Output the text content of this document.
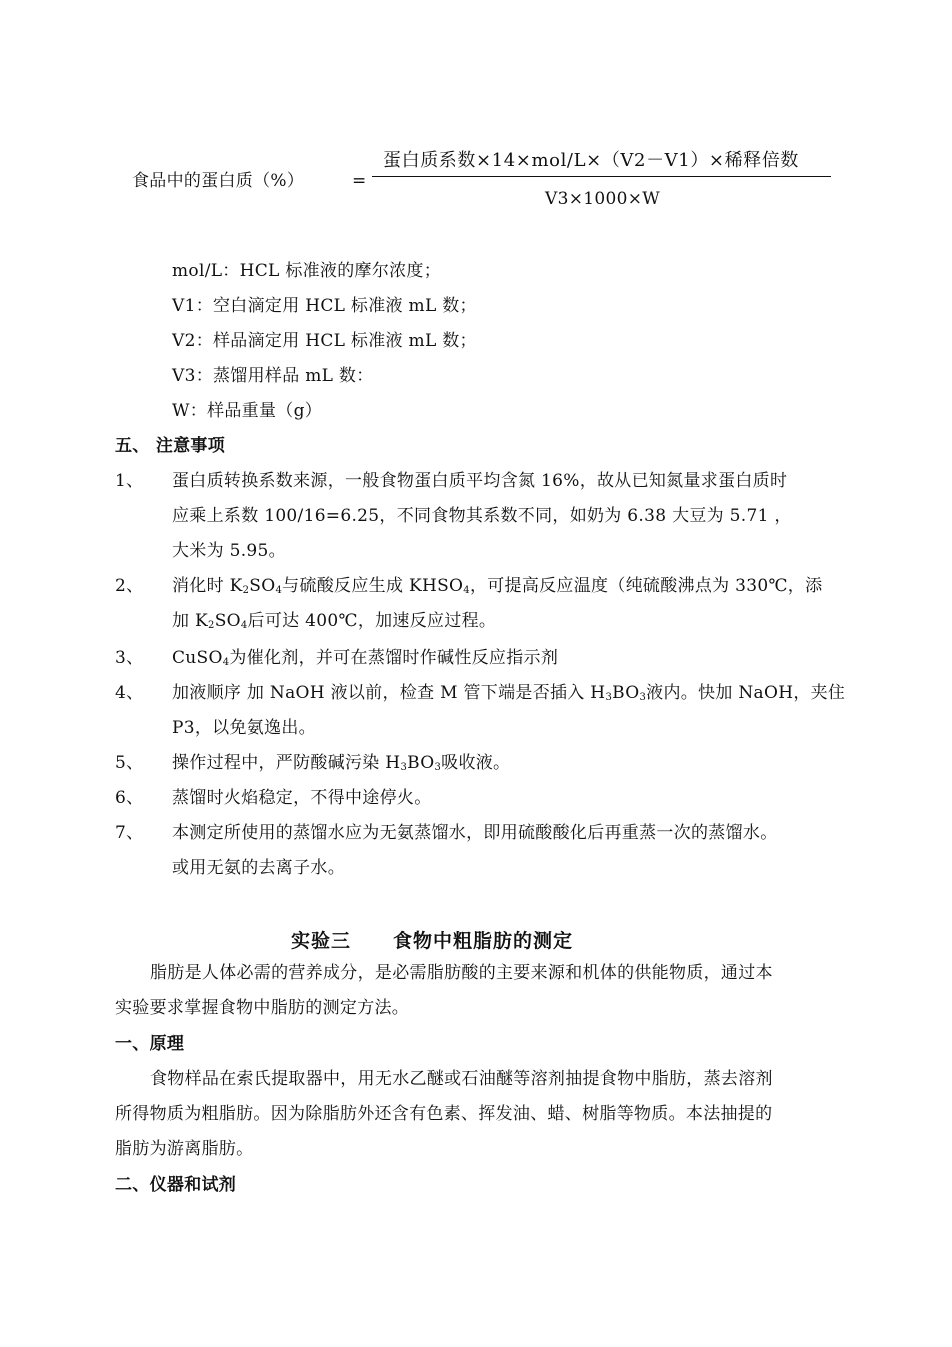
食品中的蛋白质（%）	=
蛋白质系数×14×mol/L×（V2－V1）×稀释倍数
V3×1000×W
mol/L：HCL 标准液的摩尔浓度；
V1：空白滴定用 HCL 标准液 mL 数；
V2：样品滴定用 HCL 标准液 mL 数；
V3：蒸馏用样品 mL 数：
W：样品重量（g）
五、 注意事项
1、 蛋白质转换系数来源，一般食物蛋白质平均含氮 16%，故从已知氮量求蛋白质时
应乘上系数 100/16=6.25，不同食物其系数不同，如奶为 6.38 大豆为 5.71 ，
大米为 5.95。
2、 消化时 $K_2SO_4$与硫酸反应生成 $KHSO_4$，可提高反应温度（纯硫酸沸点为 330℃，添
加 $K_2SO_4$后可达 400℃，加速反应过程。
3、 CuSO$_4$为催化剂，并可在蒸馏时作碱性反应指示剂
4、 加液顺序 加 NaOH 液以前，检查 M 管下端是否插入 $H_3BO_3$液内。快加 NaOH，夹住
P3，以免氨逸出。
5、 操作过程中，严防酸碱污染 $H_3BO_3$吸收液。
6、 蒸馏时火焰稳定，不得中途停火。
7、 本测定所使用的蒸馏水应为无氨蒸馏水，即用硫酸酸化后再重蒸一次的蒸馏水。
或用无氨的去离子水。
实验三 食物中粗脂肪的测定
脂肪是人体必需的营养成分，是必需脂肪酸的主要来源和机体的供能物质，通过本
实验要求掌握食物中脂肪的测定方法。
一、原理
食物样品在索氏提取器中，用无水乙醚或石油醚等溶剂抽提食物中脂肪，蒸去溶剂
所得物质为粗脂肪。因为除脂肪外还含有色素、挥发油、蜡、树脂等物质。本法抽提的
脂肪为游离脂肪。
二、仪器和试剂
